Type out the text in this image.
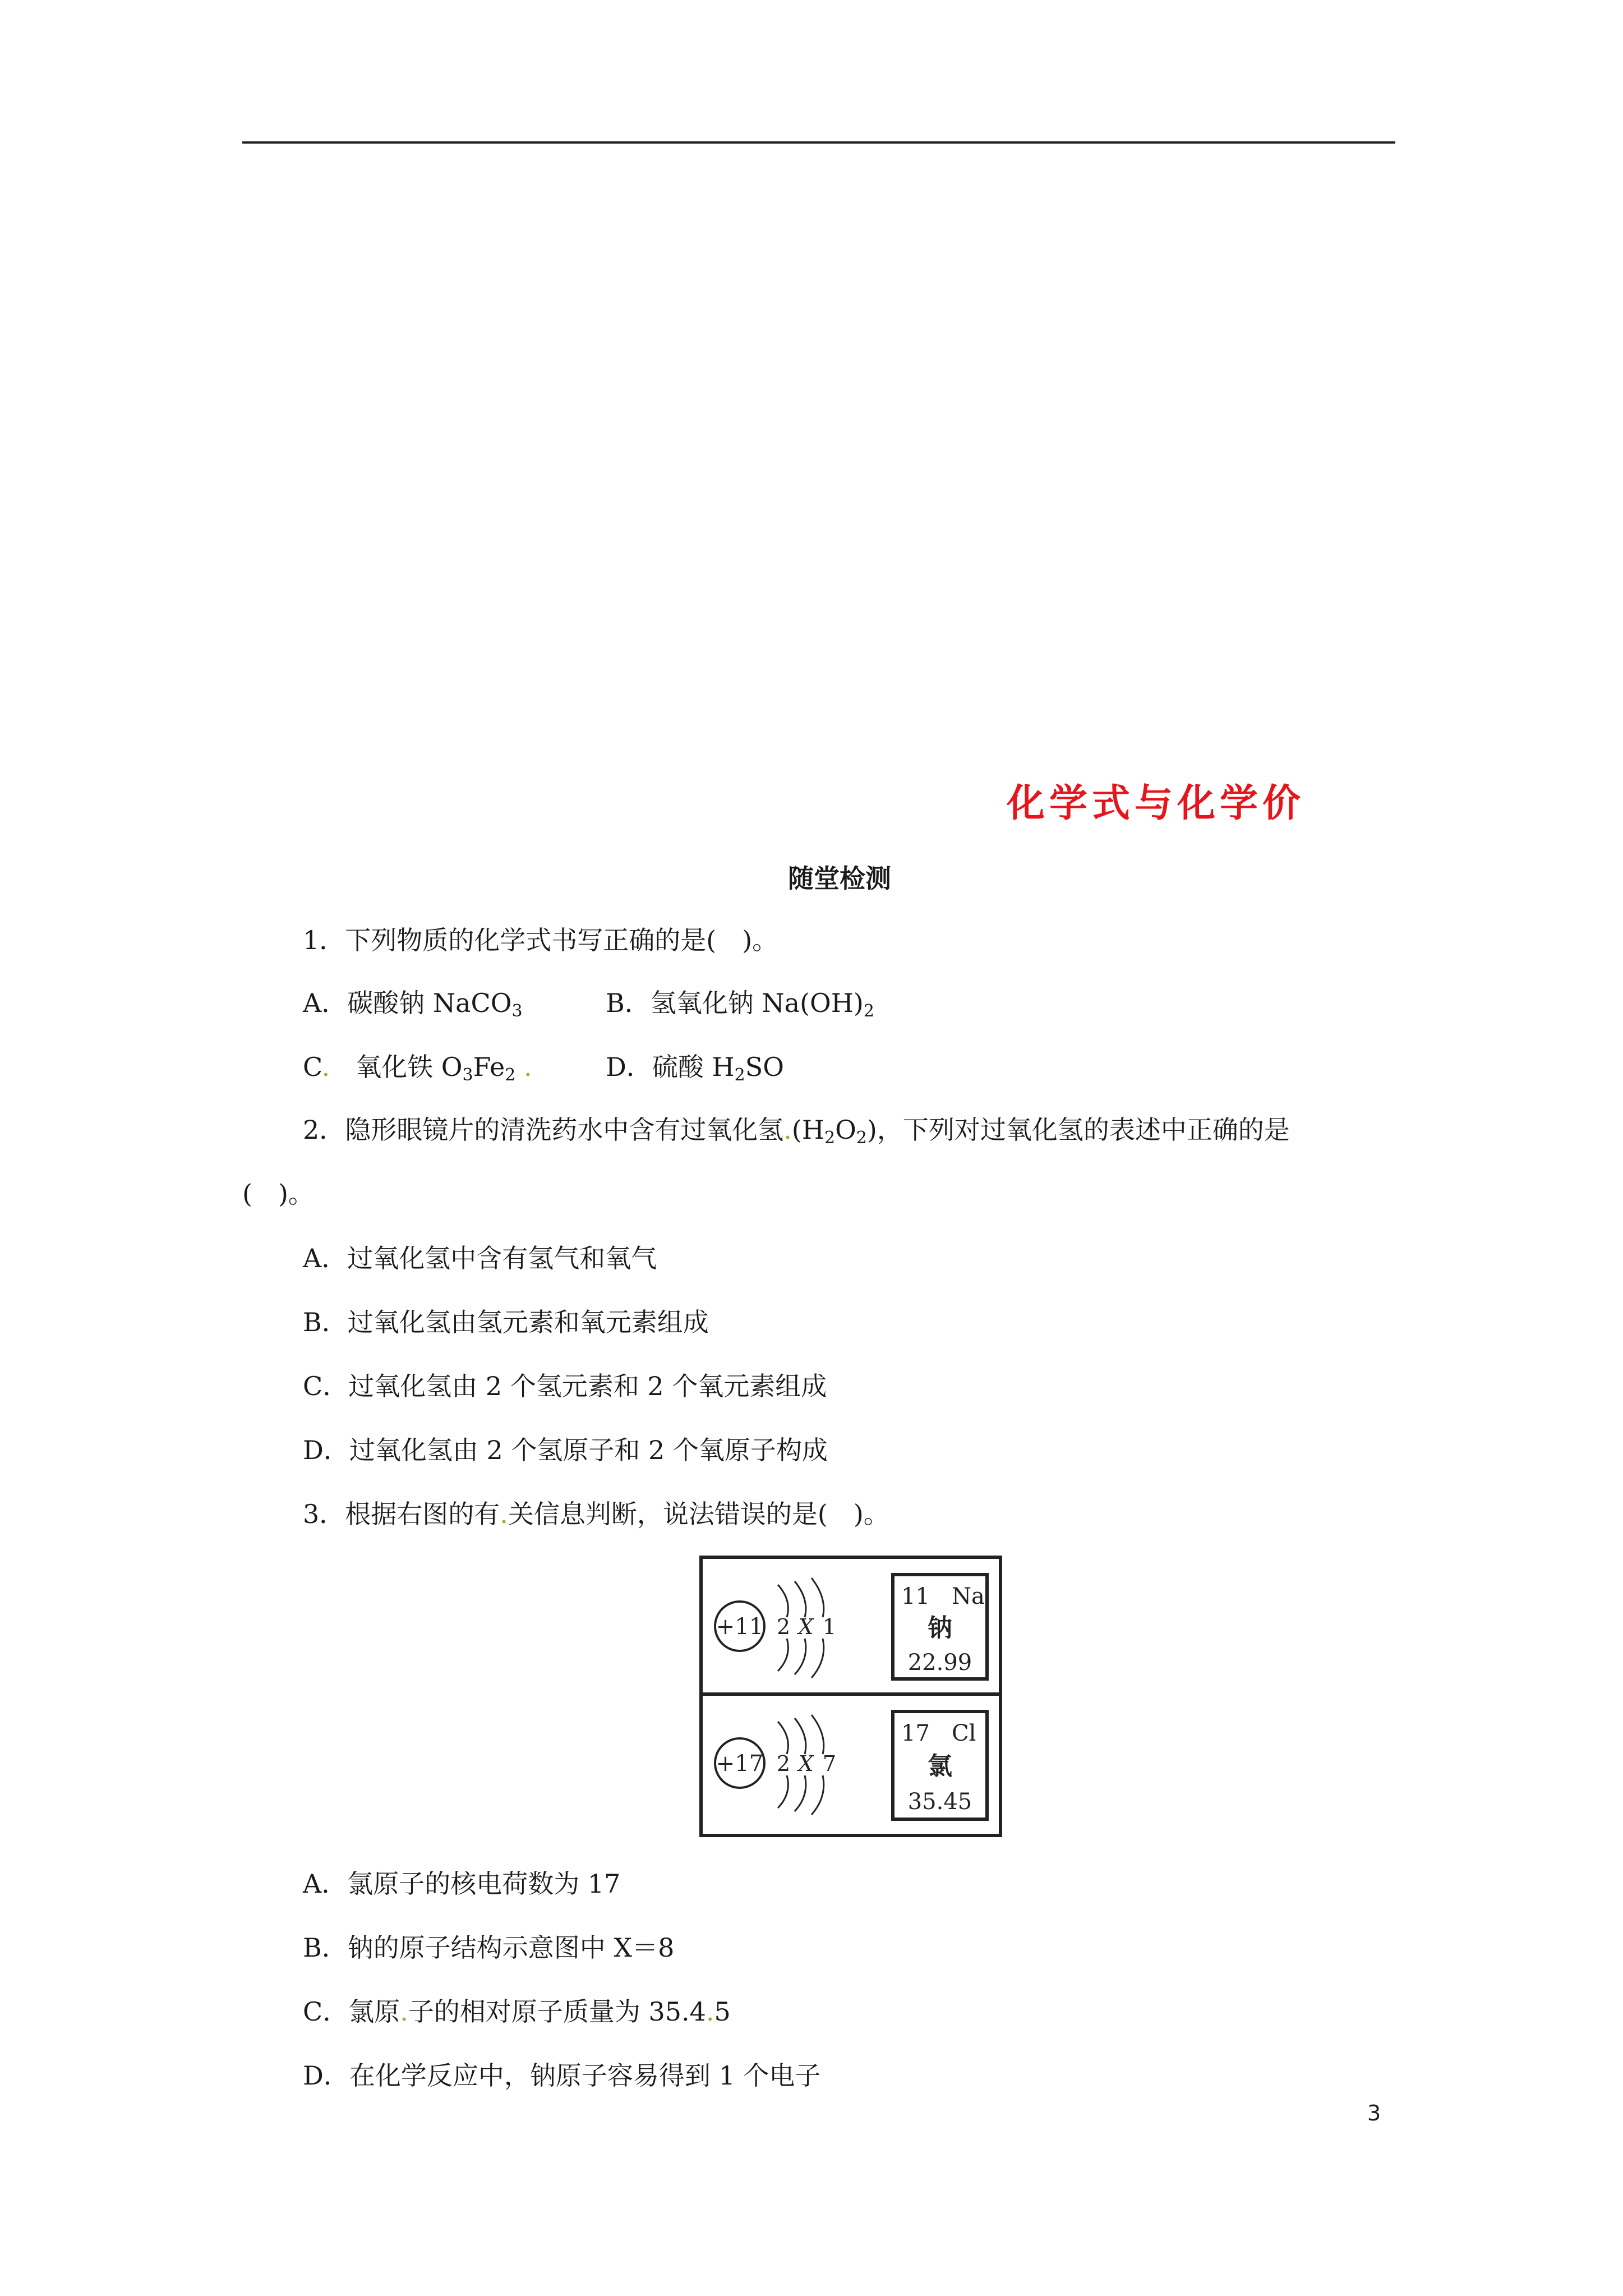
化学式与化学价
随堂检测
1．下列物质的化学式书写正确的是(　)。
A．碳酸钠 NaCO$_3$	B．氢氧化钠 $Na(OH)_2$
C.　 氧化铁 $O_3Fe_2$ .	D．硫酸 $H_2SO$
2．隐形眼镜片的清洗药水中含有过氧化氢$.(H_2O_2)$，下列对过氧化氢的表述中正确的是
(　)。
A．过氧化氢中含有氢气和氧气
B．过氧化氢由氢元素和氧元素组成
C．过氧化氢由 2 个氢元素和 2 个氧元素组成
D．过氧化氢由 2 个氢原子和 2 个氧原子构成
3．根据右图的有.关信息判断，说法错误的是(　)。
+11 2 X 1
11 Na
钠
22.99
+17 2 X 7
17 Cl
氯
35.45
A．氯原子的核电荷数为 17
B．钠的原子结构示意图中 X＝8
C．氯原.子的相对原子质量为 35.4.5
D．在化学反应中，钠原子容易得到 1 个电子
3
